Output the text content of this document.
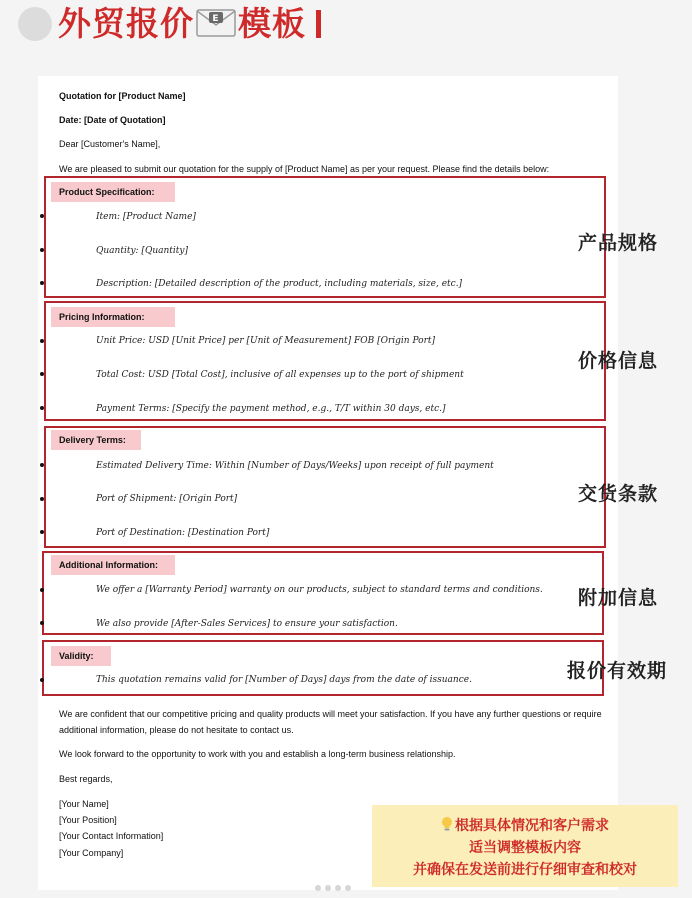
外贸报价 E 模板
Quotation for [Product Name]
Date: [Date of Quotation]
Dear [Customer's Name],
We are pleased to submit our quotation for the supply of [Product Name] as per your request. Please find the details below:
Product Specification:
Item: [Product Name]
Quantity: [Quantity]
Description: [Detailed description of the product, including materials, size, etc.]
Pricing Information:
Unit Price: USD [Unit Price] per [Unit of Measurement] FOB [Origin Port]
Total Cost: USD [Total Cost], inclusive of all expenses up to the port of shipment
Payment Terms: [Specify the payment method, e.g., T/T within 30 days, etc.]
Delivery Terms:
Estimated Delivery Time: Within [Number of Days/Weeks] upon receipt of full payment
Port of Shipment: [Origin Port]
Port of Destination: [Destination Port]
Additional Information:
We offer a [Warranty Period] warranty on our products, subject to standard terms and conditions.
We also provide [After-Sales Services] to ensure your satisfaction.
Validity:
This quotation remains valid for [Number of Days] days from the date of issuance.
We are confident that our competitive pricing and quality products will meet your satisfaction. If you have any further questions or require additional information, please do not hesitate to contact us.
We look forward to the opportunity to work with you and establish a long-term business relationship.
Best regards,
[Your Name]
[Your Position]
[Your Contact Information]
[Your Company]
产品规格
价格信息
交货条款
附加信息
报价有效期
根据具体情况和客户需求
适当调整模板内容
并确保在发送前进行仔细审查和校对
